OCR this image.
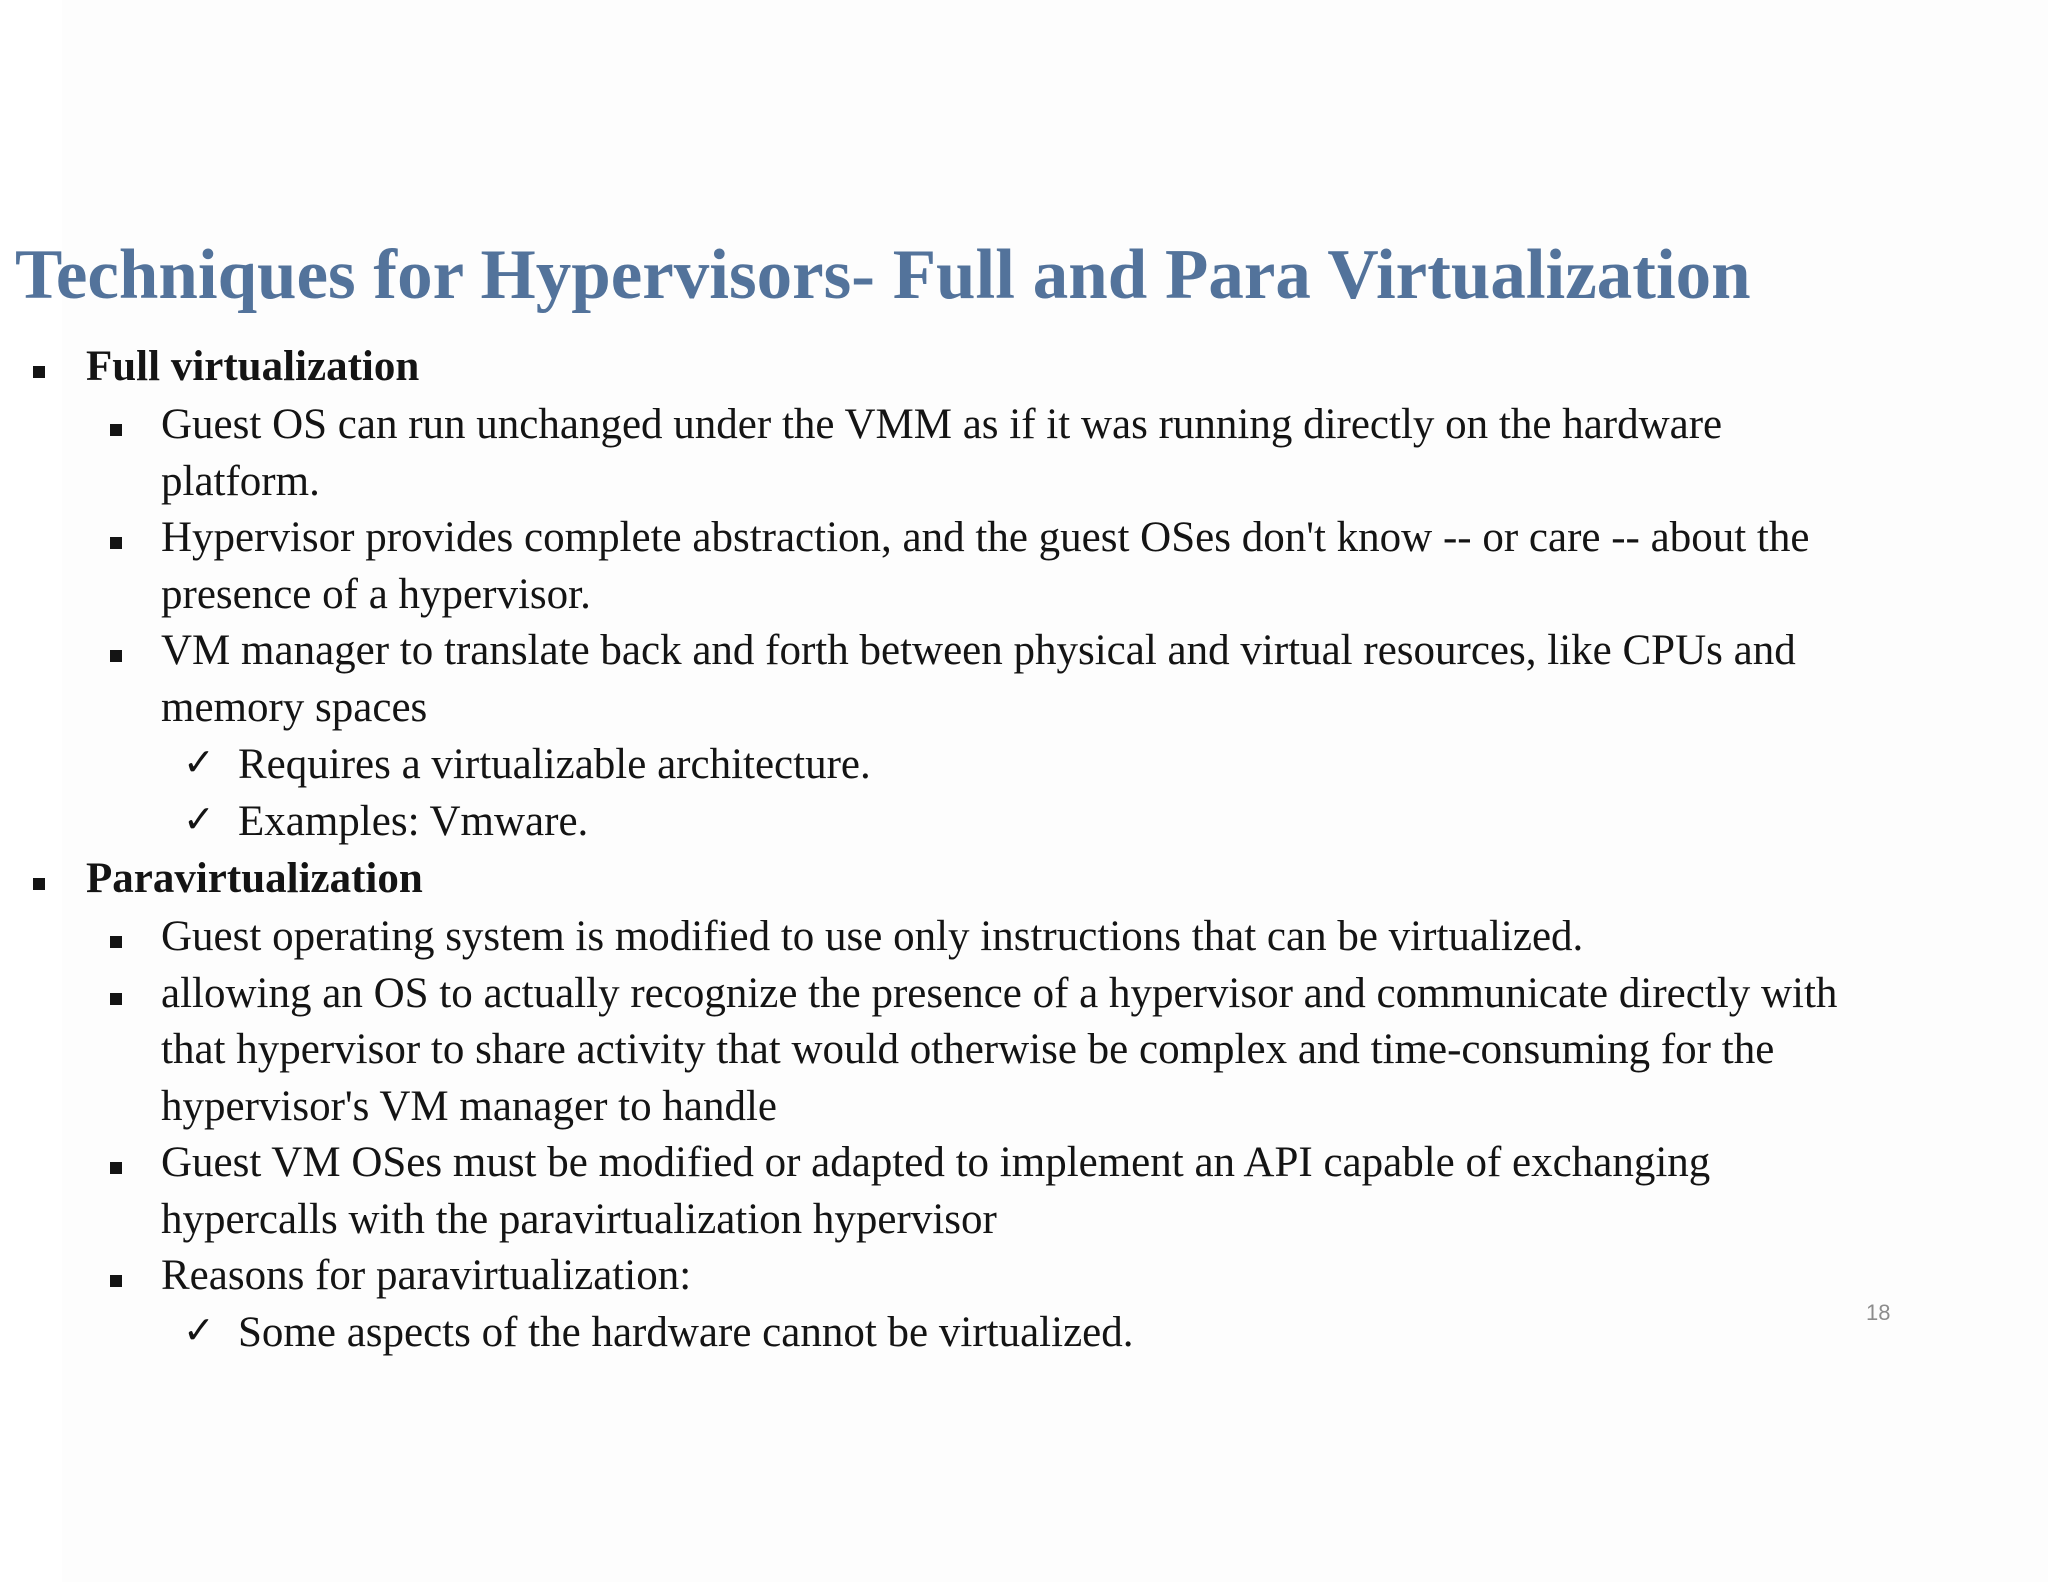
Techniques for Hypervisors- Full and Para Virtualization
Full virtualization
Guest OS can run unchanged under the VMM as if it was running directly on the hardware
platform.
Hypervisor provides complete abstraction, and the guest OSes don't know -- or care -- about the
presence of a hypervisor.
VM manager to translate back and forth between physical and virtual resources, like CPUs and
memory spaces
✓ Requires a virtualizable architecture.
✓ Examples: Vmware.
Paravirtualization
Guest operating system is modified to use only instructions that can be virtualized.
allowing an OS to actually recognize the presence of a hypervisor and communicate directly with
that hypervisor to share activity that would otherwise be complex and time-consuming for the
hypervisor's VM manager to handle
Guest VM OSes must be modified or adapted to implement an API capable of exchanging
hypercalls with the paravirtualization hypervisor
Reasons for paravirtualization:
✓ Some aspects of the hardware cannot be virtualized.	18
